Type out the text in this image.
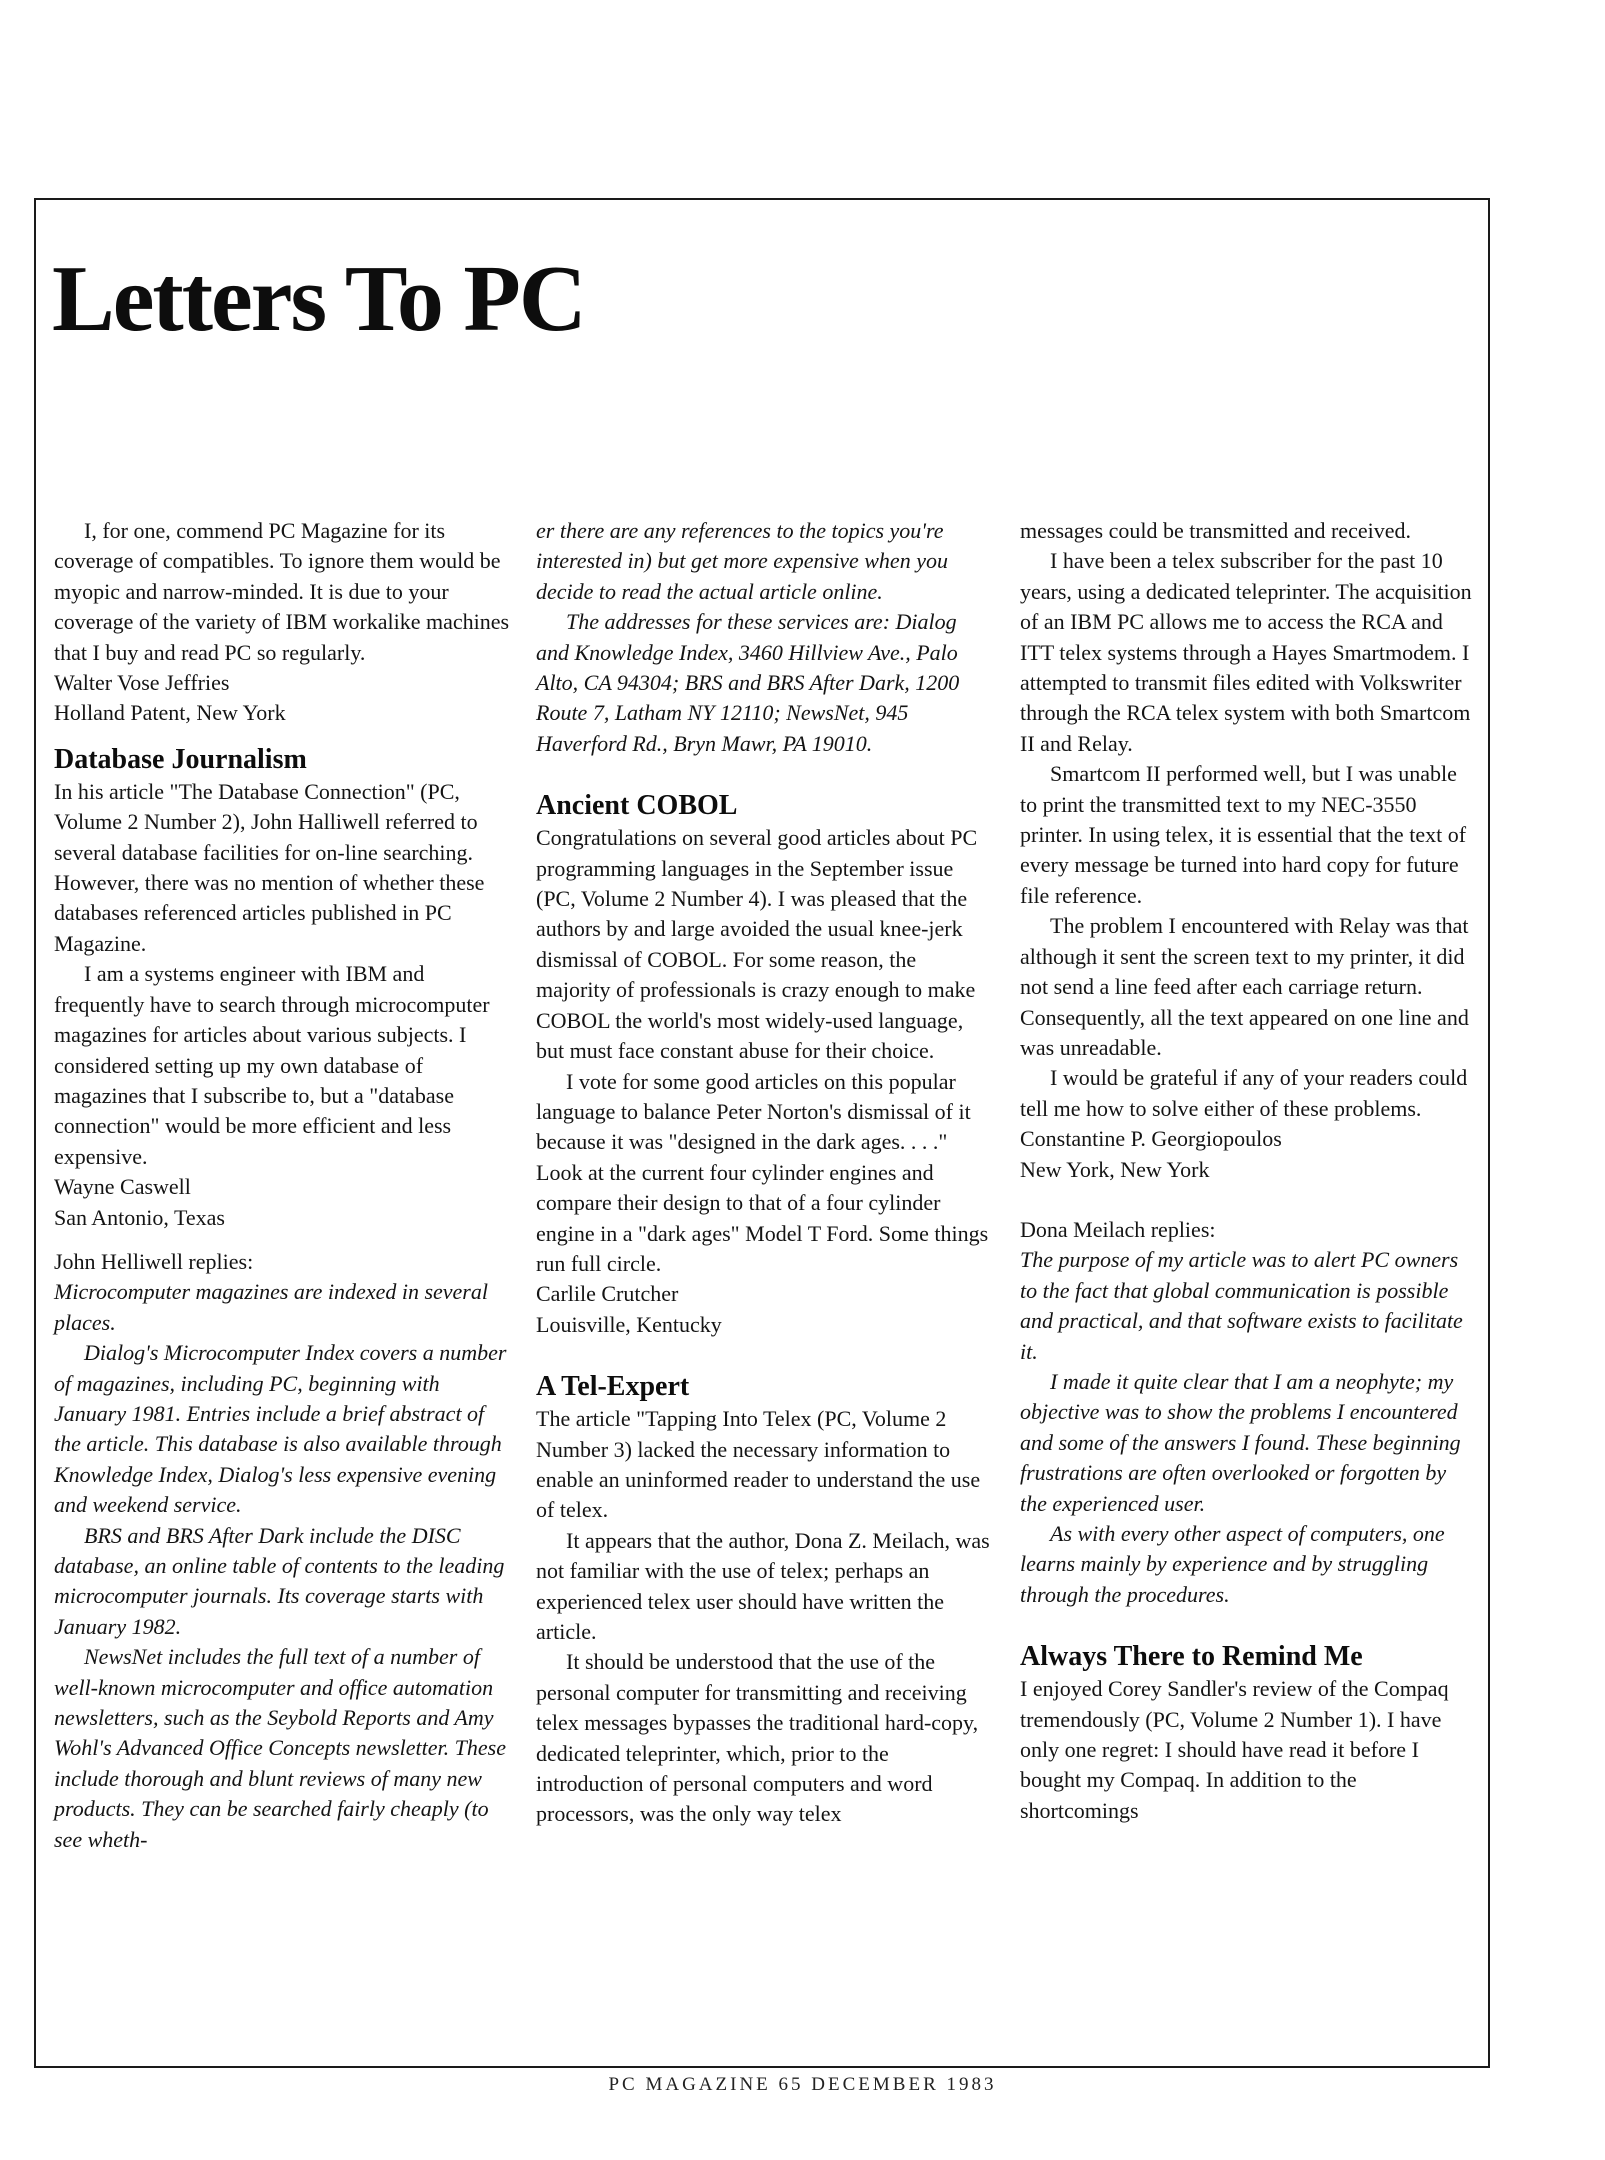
Letters To PC

I, for one, commend PC Magazine for its coverage of compatibles. To ignore them would be myopic and narrow-minded. It is due to your coverage of the variety of IBM workalike machines that I buy and read PC so regularly.

Walter Vose Jeffries

Holland Patent, New York

Database Journalism

In his article "The Database Connection" (PC, Volume 2 Number 2), John Halliwell referred to several database facilities for on-line searching. However, there was no mention of whether these databases referenced articles published in PC Magazine.

I am a systems engineer with IBM and frequently have to search through microcomputer magazines for articles about various subjects. I considered setting up my own database of magazines that I subscribe to, but a "database connection" would be more efficient and less expensive.

Wayne Caswell

San Antonio, Texas

John Helliwell replies:

Microcomputer magazines are indexed in several places.

Dialog's Microcomputer Index covers a number of magazines, including PC, beginning with January 1981. Entries include a brief abstract of the article. This database is also available through Knowledge Index, Dialog's less expensive evening and weekend service.

BRS and BRS After Dark include the DISC database, an online table of contents to the leading microcomputer journals. Its coverage starts with January 1982.

NewsNet includes the full text of a number of well-known microcomputer and office automation newsletters, such as the Seybold Reports and Amy Wohl's Advanced Office Concepts newsletter. These include thorough and blunt reviews of many new products. They can be searched fairly cheaply (to see wheth-

er there are any references to the topics you're interested in) but get more expensive when you decide to read the actual article online.

The addresses for these services are: Dialog and Knowledge Index, 3460 Hillview Ave., Palo Alto, CA 94304; BRS and BRS After Dark, 1200 Route 7, Latham NY 12110; NewsNet, 945 Haverford Rd., Bryn Mawr, PA 19010.

Ancient COBOL

Congratulations on several good articles about PC programming languages in the September issue (PC, Volume 2 Number 4). I was pleased that the authors by and large avoided the usual knee-jerk dismissal of COBOL. For some reason, the majority of professionals is crazy enough to make COBOL the world's most widely-used language, but must face constant abuse for their choice.

I vote for some good articles on this popular language to balance Peter Norton's dismissal of it because it was "designed in the dark ages. . . ." Look at the current four cylinder engines and compare their design to that of a four cylinder engine in a "dark ages" Model T Ford. Some things run full circle.

Carlile Crutcher

Louisville, Kentucky

A Tel-Expert

The article "Tapping Into Telex (PC, Volume 2 Number 3) lacked the necessary information to enable an uninformed reader to understand the use of telex.

It appears that the author, Dona Z. Meilach, was not familiar with the use of telex; perhaps an experienced telex user should have written the article.

It should be understood that the use of the personal computer for transmitting and receiving telex messages bypasses the traditional hard-copy, dedicated teleprinter, which, prior to the introduction of personal computers and word processors, was the only way telex

messages could be transmitted and received.

I have been a telex subscriber for the past 10 years, using a dedicated teleprinter. The acquisition of an IBM PC allows me to access the RCA and ITT telex systems through a Hayes Smartmodem. I attempted to transmit files edited with Volkswriter through the RCA telex system with both Smartcom II and Relay.

Smartcom II performed well, but I was unable to print the transmitted text to my NEC-3550 printer. In using telex, it is essential that the text of every message be turned into hard copy for future file reference.

The problem I encountered with Relay was that although it sent the screen text to my printer, it did not send a line feed after each carriage return. Consequently, all the text appeared on one line and was unreadable.

I would be grateful if any of your readers could tell me how to solve either of these problems.

Constantine P. Georgiopoulos

New York, New York

Dona Meilach replies:

The purpose of my article was to alert PC owners to the fact that global communication is possible and practical, and that software exists to facilitate it.

I made it quite clear that I am a neophyte; my objective was to show the problems I encountered and some of the answers I found. These beginning frustrations are often overlooked or forgotten by the experienced user.

As with every other aspect of computers, one learns mainly by experience and by struggling through the procedures.

Always There to Remind Me

I enjoyed Corey Sandler's review of the Compaq tremendously (PC, Volume 2 Number 1). I have only one regret: I should have read it before I bought my Compaq. In addition to the shortcomings

PC MAGAZINE 65 DECEMBER 1983
